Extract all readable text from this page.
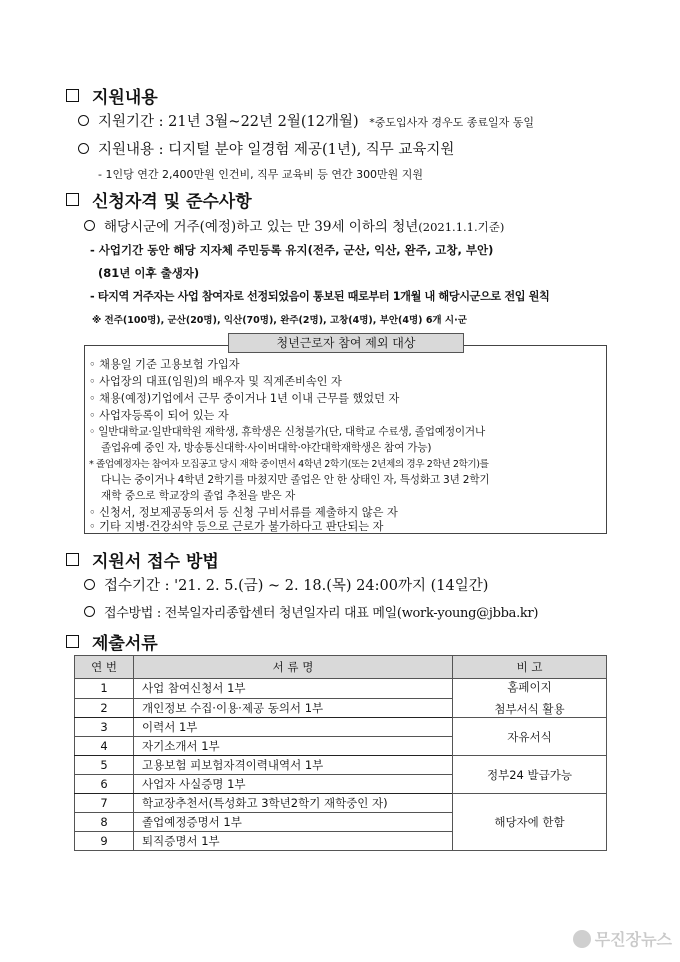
지원내용
지원기간 : 21년 3월~22년 2월(12개월) *중도입사자 경우도 종료일자 동일
지원내용 : 디지털 분야 일경험 제공(1년), 직무 교육지원
- 1인당 연간 2,400만원 인건비, 직무 교육비 등 연간 300만원 지원
신청자격 및 준수사항
해당시군에 거주(예정)하고 있는 만 39세 이하의 청년(2021.1.1.기준)
- 사업기간 동안 해당 지자체 주민등록 유지(전주, 군산, 익산, 완주, 고창, 부안)
(81년 이후 출생자)
- 타지역 거주자는 사업 참여자로 선정되었음이 통보된 때로부터 1개월 내 해당시군으로 전입 원칙
※ 전주(100명), 군산(20명), 익산(70명), 완주(2명), 고창(4명), 부안(4명) 6개 시·군
청년근로자 참여 제외 대상
◦ 채용일 기준 고용보험 가입자
◦ 사업장의 대표(임원)의 배우자 및 직계존비속인 자
◦ 채용(예정)기업에서 근무 중이거나 1년 이내 근무를 했었던 자
◦ 사업자등록이 되어 있는 자
◦ 일반대학교·일반대학원 재학생, 휴학생은 신청불가(단, 대학교 수료생, 졸업예정이거나
졸업유예 중인 자, 방송통신대학·사이버대학·야간대학재학생은 참여 가능)
* 졸업예정자는 참여자 모집공고 당시 재학 중이면서 4학년 2학기(또는 2년제의 경우 2학년 2학기)를
다니는 중이거나 4학년 2학기를 마쳤지만 졸업은 안 한 상태인 자, 특성화고 3년 2학기
재학 중으로 학교장의 졸업 추천을 받은 자
◦ 신청서, 정보제공동의서 등 신청 구비서류를 제출하지 않은 자
◦ 기타 지병·건강쇠약 등으로 근로가 불가하다고 판단되는 자
지원서 접수 방법
접수기간 : '21. 2. 5.(금) ~ 2. 18.(목) 24:00까지 (14일간)
접수방법 : 전북일자리종합센터 청년일자리 대표 메일(work-young@jbba.kr)
제출서류
연 번	서 류 명	비 고
1	사업 참여신청서 1부	홈페이지
첨부서식 활용

2	개인정보 수집·이용·제공 동의서 1부	
3	이력서 1부	자유서식
4	자기소개서 1부	
5	고용보험 피보험자격이력내역서 1부	정부24 발급가능
6	사업자 사실증명 1부	
7	학교장추천서(특성화고 3학년2학기 재학중인 자)	해당자에 한함
8	졸업예정증명서 1부	
9	퇴직증명서 1부	
무진장뉴스
